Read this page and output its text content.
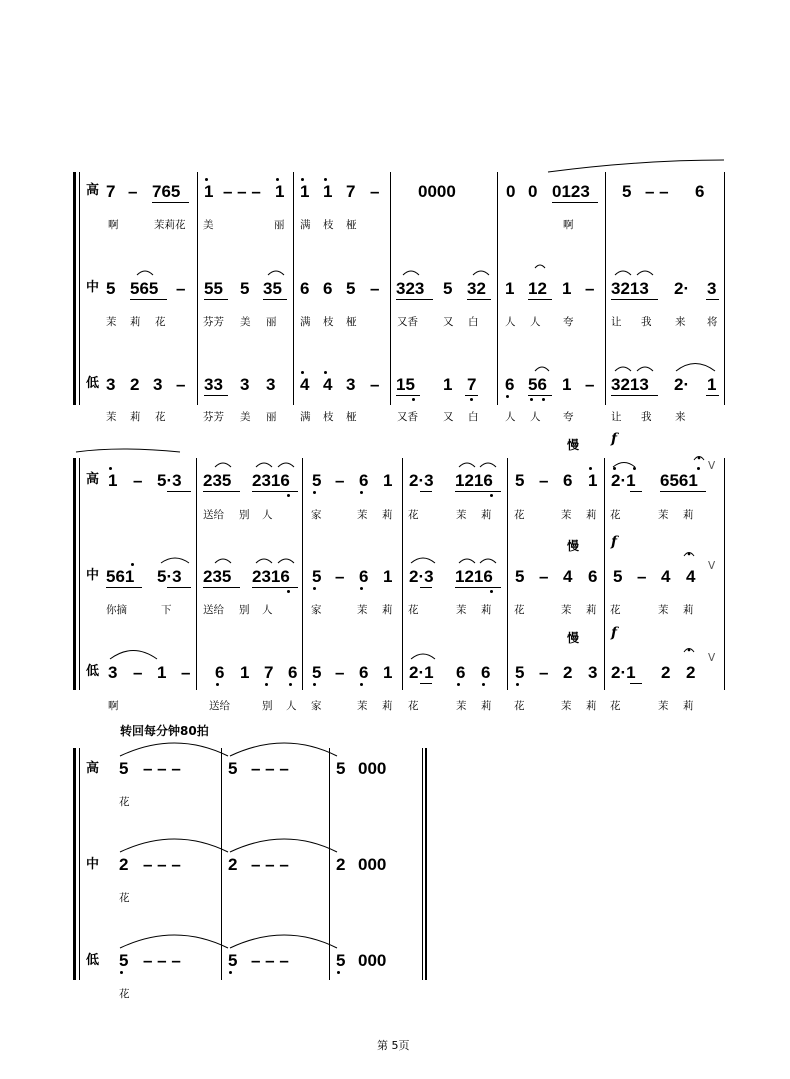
高 7 – 765 1 – – – 1 1 1 7 – 0000	0 0 0123 5 – – 6
啊	茉莉花 美	丽 满 枝 桠	啊
中 5 565 – 55 5 35 6 6 5 – 323 5 32 1 12 1 – 3213 2· 3
茉 莉 花	芬芳 美 丽 满 枝 桠	又香 又 白	人 人 夸	让 我 来 将
低 3 2 3 – 33 3 3 4 4 3 – 15 1 7 6 56 1 – 3213 2· 1
茉 莉 花	芬芳 美 丽 满 枝 桠	又香 又 白	人 人 夸	让 我 来
慢 f
慢 f
慢 f
V
V
V
高 1 – 5·3 235 2316 5 – 6 1 2·3 1216 5 – 6 1 2·1 6561
送给 别 人	家	茉 莉 花	茉 莉 花	茉 莉 花	茉 莉
中 561 5·3 235 2316 5 – 6 1 2·3 1216 5 – 4 6 5 – 4 4
你摘	下	送给 别 人	家	茉 莉 花	茉 莉 花	茉 莉 花	茉 莉
低 3 – 1 – 6 1 7 6 5 – 6 1 2·1 6 6 5 – 2 3 2·1 2 2
啊	送给	别 人 家	茉 莉 花	茉 莉 花	茉 莉 花	茉 莉
转回每分钟80拍
高 5 – – –	5 – – –	5 000
花
中 2 – – –	2 – – –	2 000
花
低 5 – – –	5 – – –	5 000
花
第 5页
